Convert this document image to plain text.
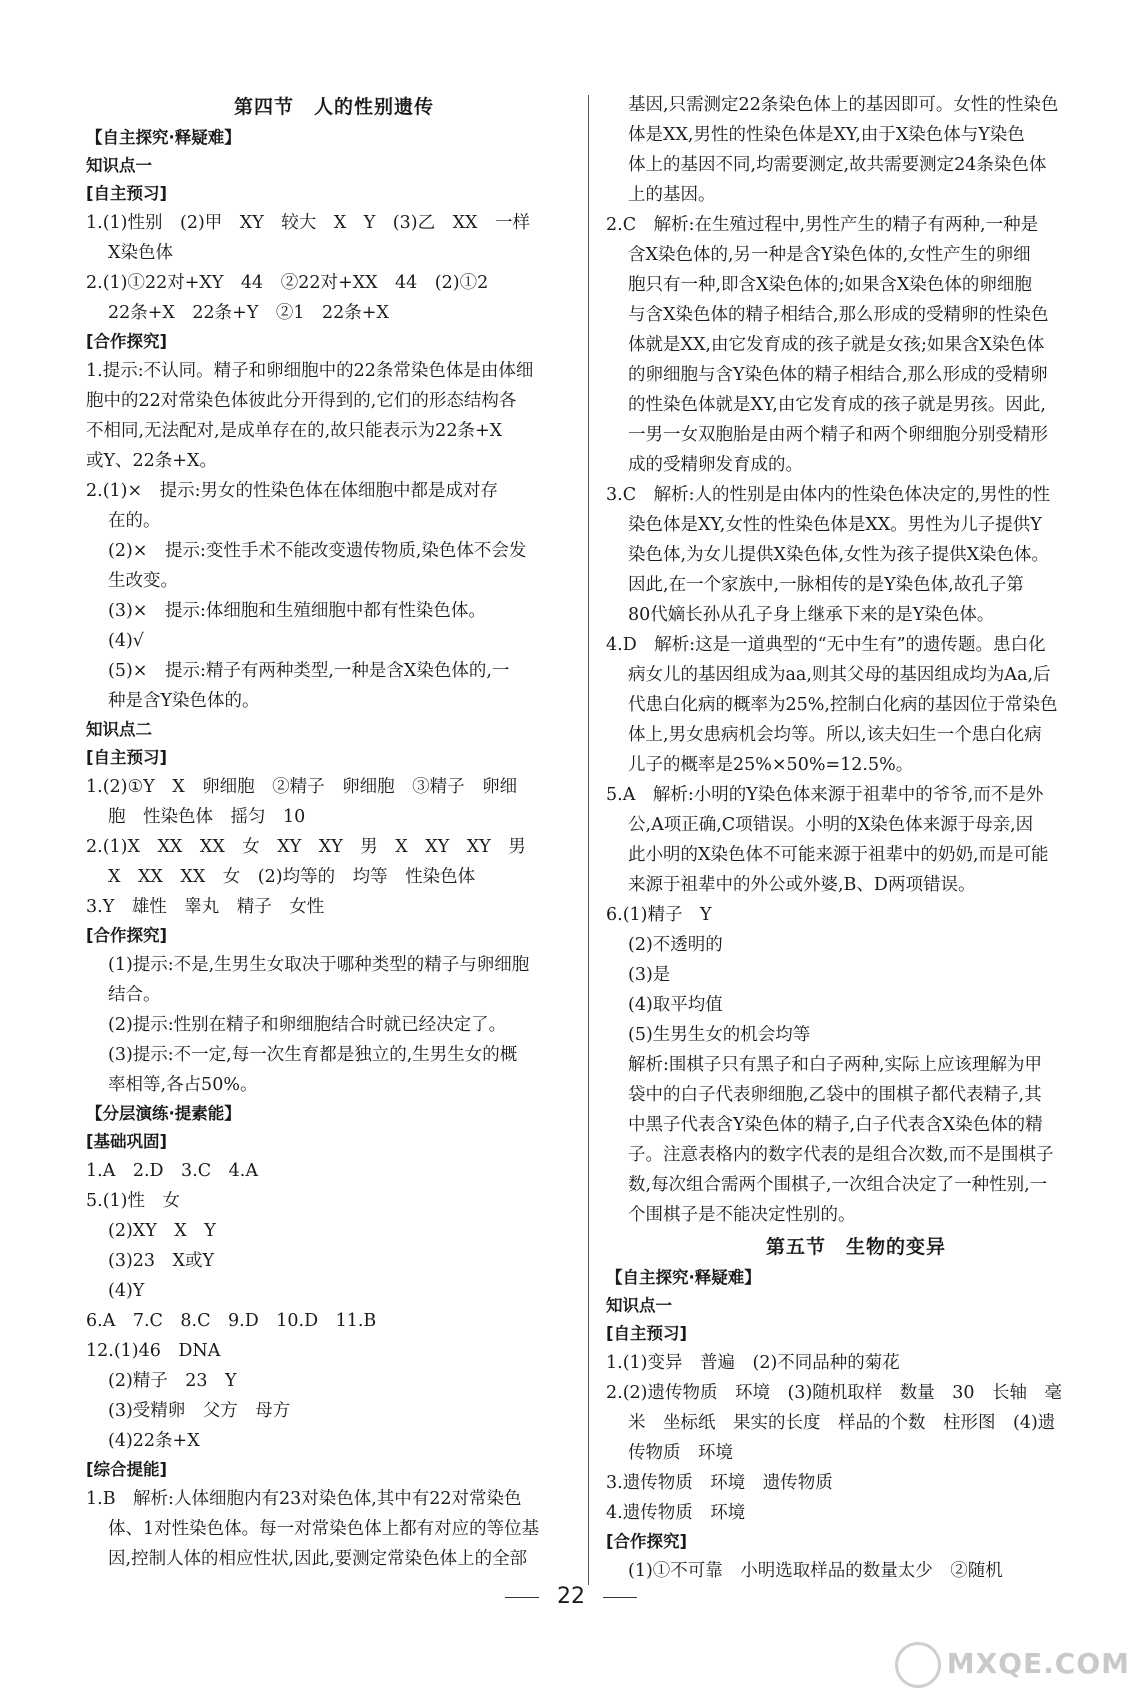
第四节　人的性别遗传
【自主探究·释疑难】
知识点一
[自主预习]
1.(1)性别　(2)甲　XY　较大　X　Y　(3)乙　XX　一样
X染色体
2.(1)①22对+XY　44　②22对+XX　44　(2)①2
22条+X　22条+Y　②1　22条+X
[合作探究]
1.提示:不认同。精子和卵细胞中的22条常染色体是由体细
胞中的22对常染色体彼此分开得到的,它们的形态结构各
不相同,无法配对,是成单存在的,故只能表示为22条+X
或Y、22条+X。
2.(1)×　提示:男女的性染色体在体细胞中都是成对存
在的。
(2)×　提示:变性手术不能改变遗传物质,染色体不会发
生改变。
(3)×　提示:体细胞和生殖细胞中都有性染色体。
(4)√
(5)×　提示:精子有两种类型,一种是含X染色体的,一
种是含Y染色体的。
知识点二
[自主预习]
1.(2)①Y　X　卵细胞　②精子　卵细胞　③精子　卵细
胞　性染色体　摇匀　10
2.(1)X　XX　XX　女　XY　XY　男　X　XY　XY　男
X　XX　XX　女　(2)均等的　均等　性染色体
3.Y　雄性　睾丸　精子　女性
[合作探究]
(1)提示:不是,生男生女取决于哪种类型的精子与卵细胞
结合。
(2)提示:性别在精子和卵细胞结合时就已经决定了。
(3)提示:不一定,每一次生育都是独立的,生男生女的概
率相等,各占50%。
【分层演练·提素能】
[基础巩固]
1.A　2.D　3.C　4.A
5.(1)性　女
(2)XY　X　Y
(3)23　X或Y
(4)Y
6.A　7.C　8.C　9.D　10.D　11.B
12.(1)46　DNA
(2)精子　23　Y
(3)受精卵　父方　母方
(4)22条+X
[综合提能]
1.B　解析:人体细胞内有23对染色体,其中有22对常染色
体、1对性染色体。每一对常染色体上都有对应的等位基
因,控制人体的相应性状,因此,要测定常染色体上的全部
基因,只需测定22条染色体上的基因即可。女性的性染色
体是XX,男性的性染色体是XY,由于X染色体与Y染色
体上的基因不同,均需要测定,故共需要测定24条染色体
上的基因。
2.C　解析:在生殖过程中,男性产生的精子有两种,一种是
含X染色体的,另一种是含Y染色体的,女性产生的卵细
胞只有一种,即含X染色体的;如果含X染色体的卵细胞
与含X染色体的精子相结合,那么形成的受精卵的性染色
体就是XX,由它发育成的孩子就是女孩;如果含X染色体
的卵细胞与含Y染色体的精子相结合,那么形成的受精卵
的性染色体就是XY,由它发育成的孩子就是男孩。因此,
一男一女双胞胎是由两个精子和两个卵细胞分别受精形
成的受精卵发育成的。
3.C　解析:人的性别是由体内的性染色体决定的,男性的性
染色体是XY,女性的性染色体是XX。男性为儿子提供Y
染色体,为女儿提供X染色体,女性为孩子提供X染色体。
因此,在一个家族中,一脉相传的是Y染色体,故孔子第
80代嫡长孙从孔子身上继承下来的是Y染色体。
4.D　解析:这是一道典型的“无中生有”的遗传题。患白化
病女儿的基因组成为aa,则其父母的基因组成均为Aa,后
代患白化病的概率为25%,控制白化病的基因位于常染色
体上,男女患病机会均等。所以,该夫妇生一个患白化病
儿子的概率是25%×50%=12.5%。
5.A　解析:小明的Y染色体来源于祖辈中的爷爷,而不是外
公,A项正确,C项错误。小明的X染色体来源于母亲,因
此小明的X染色体不可能来源于祖辈中的奶奶,而是可能
来源于祖辈中的外公或外婆,B、D两项错误。
6.(1)精子　Y
(2)不透明的
(3)是
(4)取平均值
(5)生男生女的机会均等
解析:围棋子只有黑子和白子两种,实际上应该理解为甲
袋中的白子代表卵细胞,乙袋中的围棋子都代表精子,其
中黑子代表含Y染色体的精子,白子代表含X染色体的精
子。注意表格内的数字代表的是组合次数,而不是围棋子
数,每次组合需两个围棋子,一次组合决定了一种性别,一
个围棋子是不能决定性别的。
第五节　生物的变异
【自主探究·释疑难】
知识点一
[自主预习]
1.(1)变异　普遍　(2)不同品种的菊花
2.(2)遗传物质　环境　(3)随机取样　数量　30　长轴　毫
米　坐标纸　果实的长度　样品的个数　柱形图　(4)遗
传物质　环境
3.遗传物质　环境　遗传物质
4.遗传物质　环境
[合作探究]
(1)①不可靠　小明选取样品的数量太少　②随机
22
MXQE.COM
